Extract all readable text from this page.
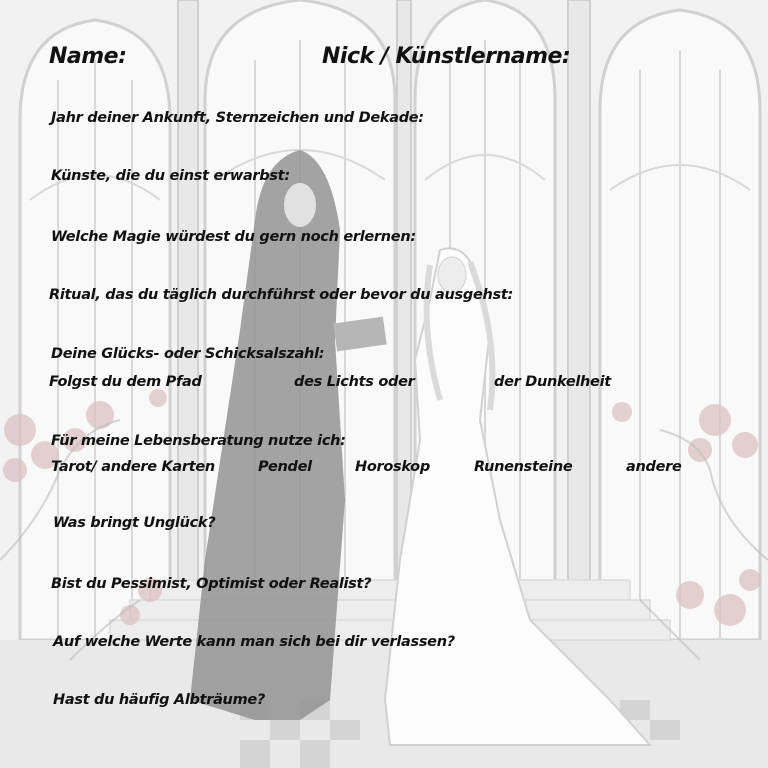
Name:	Nick / Künstlername:
Jahr deiner Ankunft, Sternzeichen und Dekade:
Künste, die du einst erwarbst:
Welche Magie würdest du gern noch erlernen:
Ritual, das du täglich durchführst oder bevor du ausgehst:
Deine Glücks- oder Schicksalszahl:
Folgst du dem Pfad	des Lichts oder	der Dunkelheit
Für meine Lebensberatung nutze ich:
Tarot/ andere Karten	Pendel	Horoskop	Runensteine	andere
Was bringt Unglück?
Bist du Pessimist, Optimist oder Realist?
Auf welche Werte kann man sich bei dir verlassen?
Hast du häufig Albträume?
